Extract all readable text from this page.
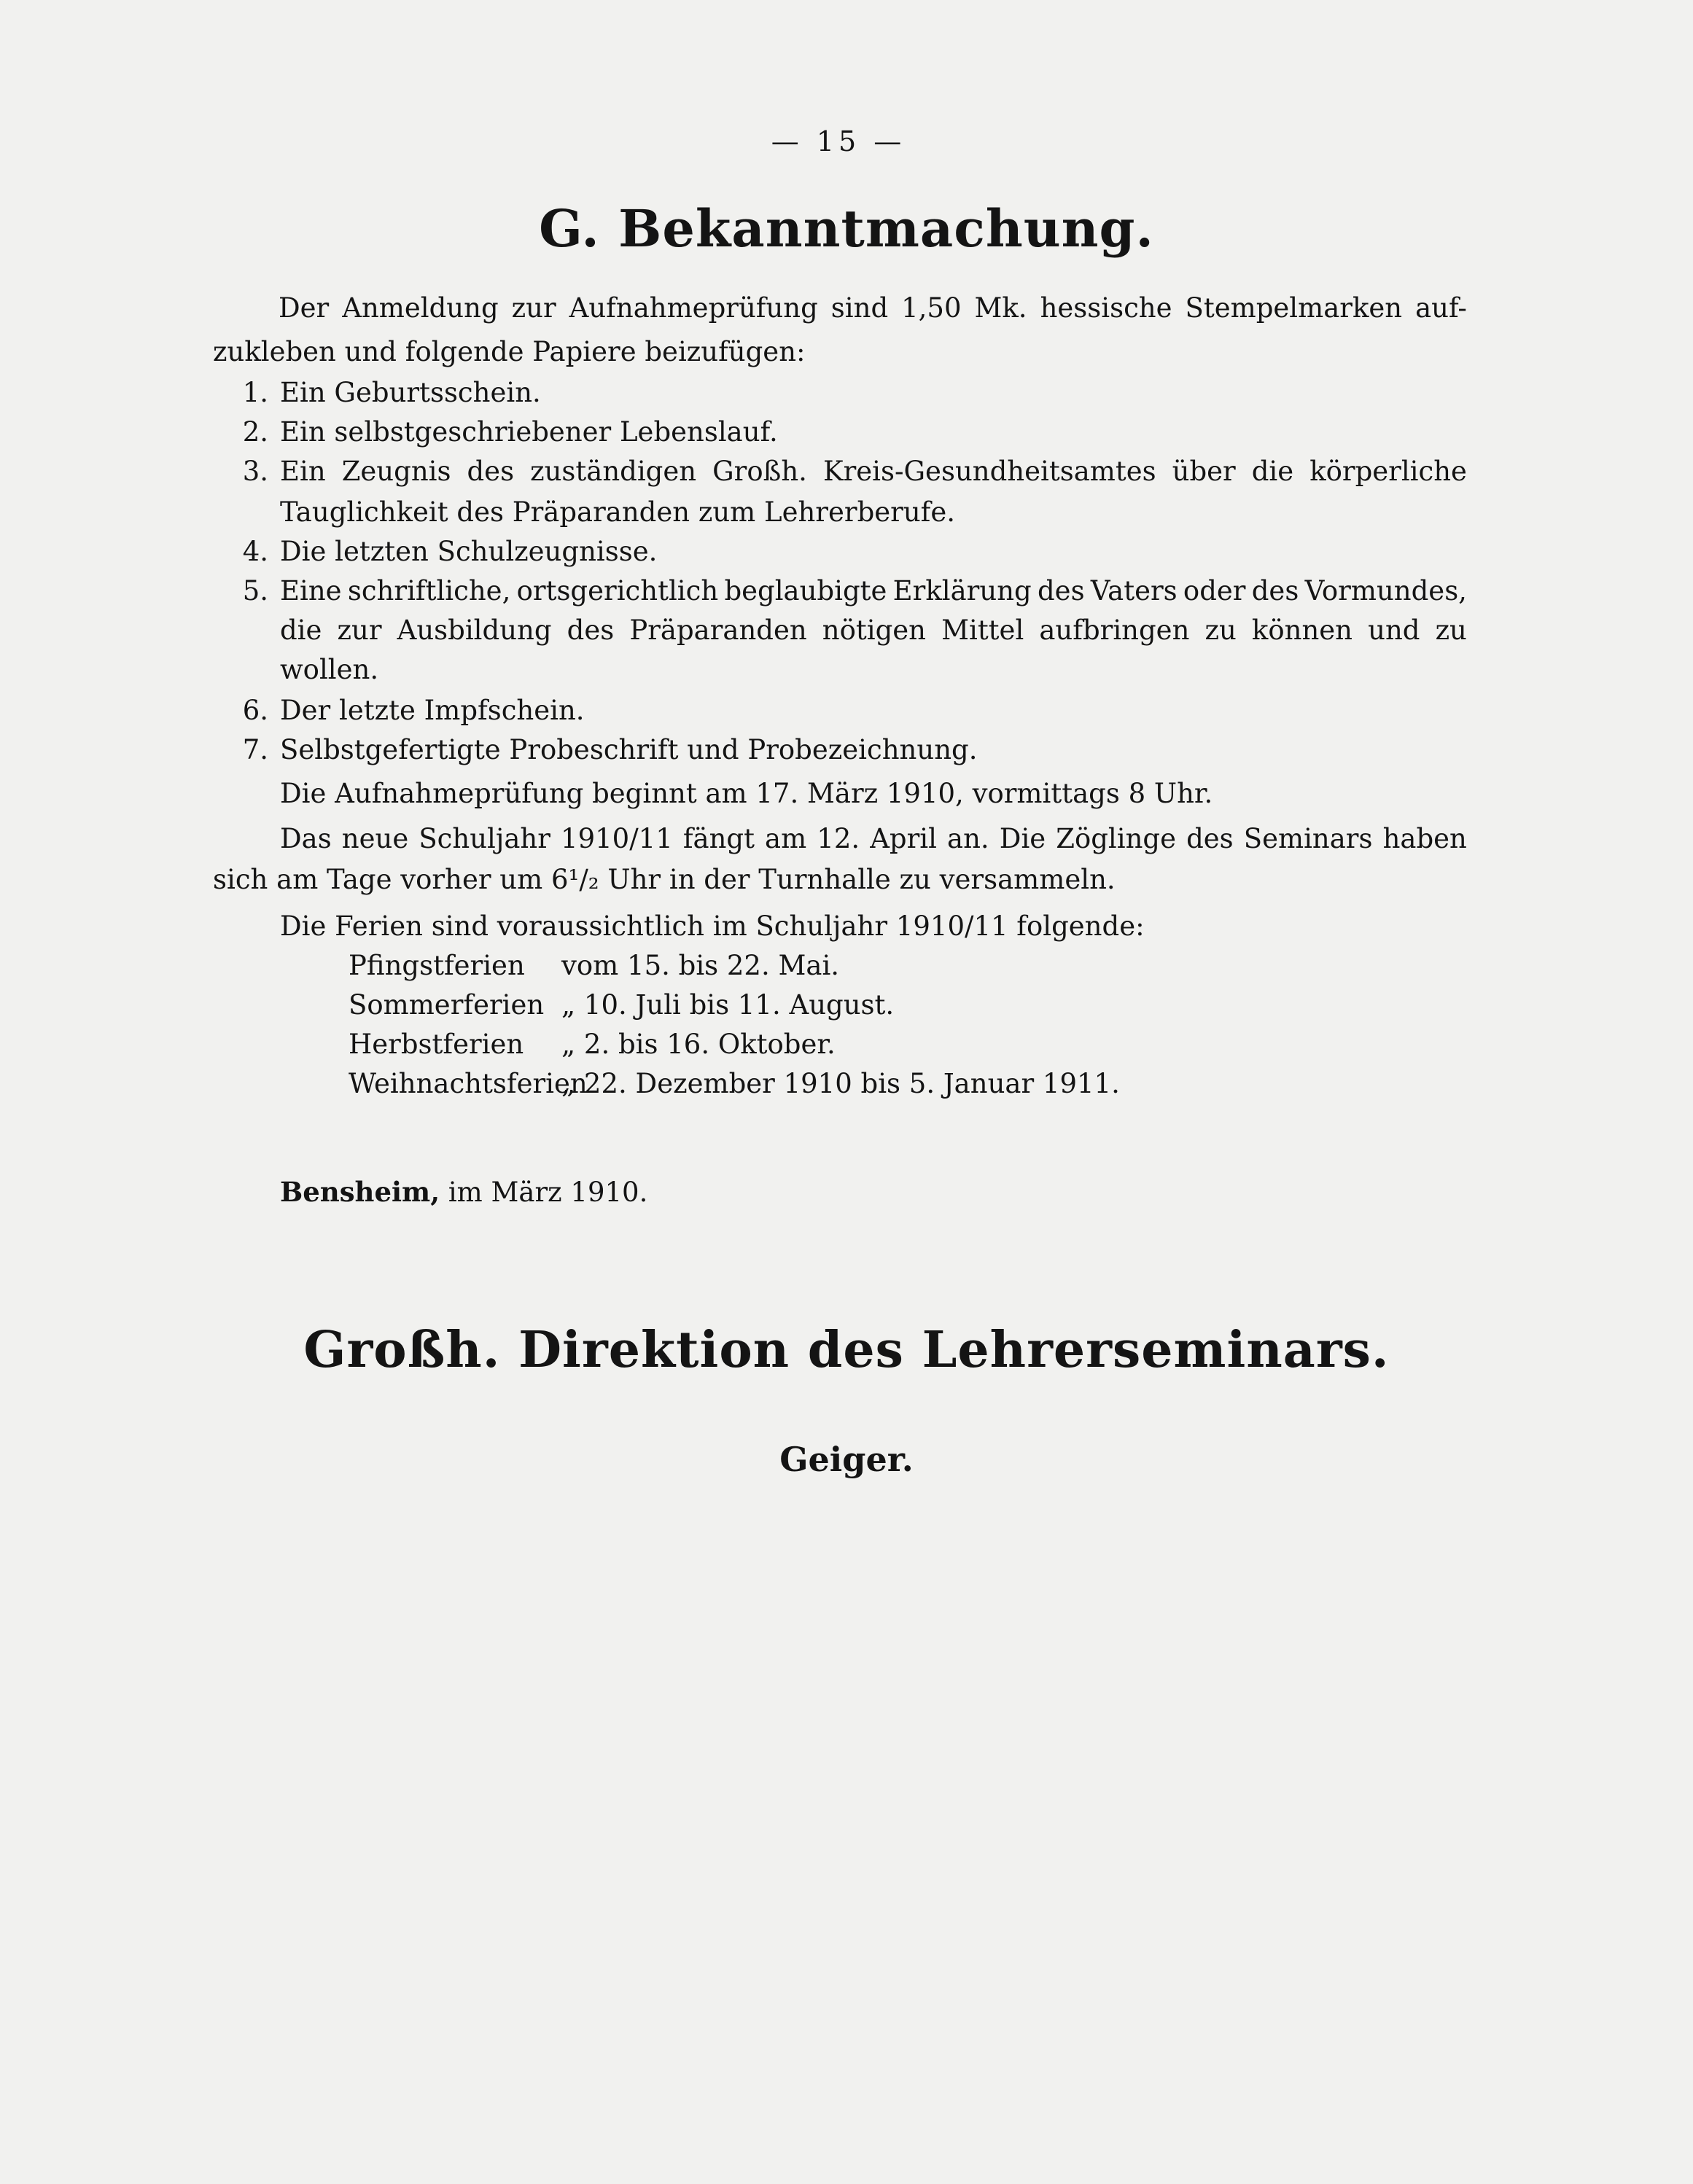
— 15 —
G. Bekanntmachung.
Der Anmeldung zur Aufnahmeprüfung sind 1,50 Mk. hessische Stempelmarken auf-
zukleben und folgende Papiere beizufügen:
1. Ein Geburtsschein.
2. Ein selbstgeschriebener Lebenslauf.
3. Ein Zeugnis des zuständigen Großh. Kreis-Gesundheitsamtes über die körperliche
Tauglichkeit des Präparanden zum Lehrerberufe.
4. Die letzten Schulzeugnisse.
5. Eine schriftliche, ortsgerichtlich beglaubigte Erklärung des Vaters oder des Vormundes,
die zur Ausbildung des Präparanden nötigen Mittel aufbringen zu können und zu
wollen.
6. Der letzte Impfschein.
7. Selbstgefertigte Probeschrift und Probezeichnung.
Die Aufnahmeprüfung beginnt am 17. März 1910, vormittags 8 Uhr.
Das neue Schuljahr 1910/11 fängt am 12. April an. Die Zöglinge des Seminars haben
sich am Tage vorher um 6¹/₂ Uhr in der Turnhalle zu versammeln.
Die Ferien sind voraussichtlich im Schuljahr 1910/11 folgende:
Pfingstferien vom 15. bis 22. Mai.
Sommerferien „ 10. Juli bis 11. August.
Herbstferien „ 2. bis 16. Oktober.
Weihnachtsferien
„ 22. Dezember 1910 bis 5. Januar 1911.
Bensheim, im März 1910.
Großh. Direktion des Lehrerseminars.
Geiger.
